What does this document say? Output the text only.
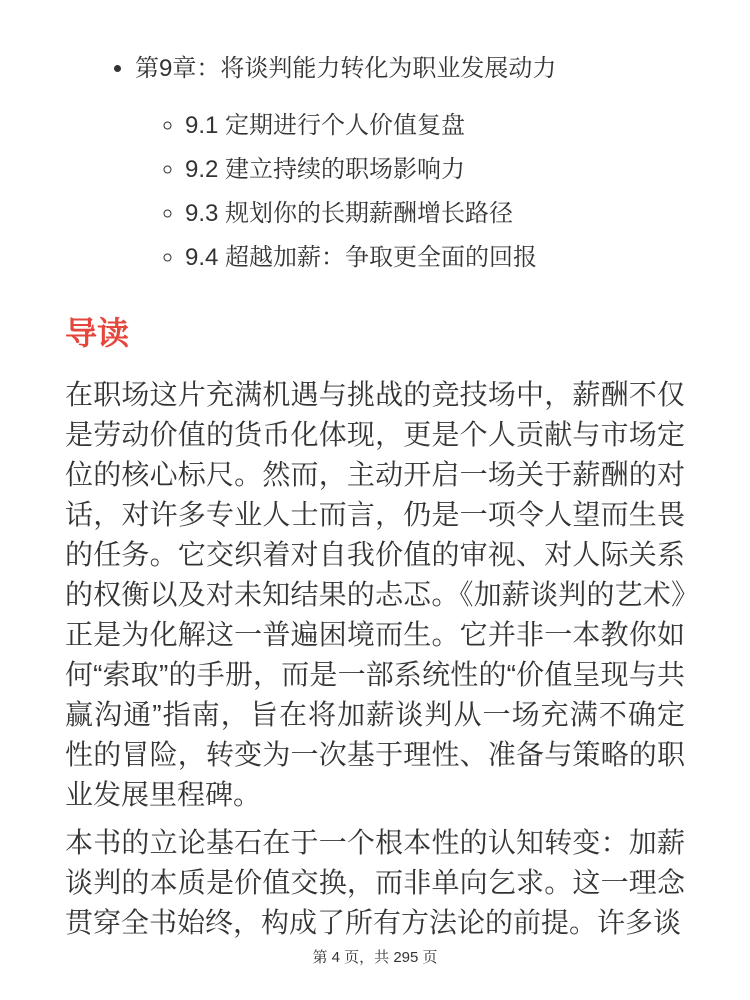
• 第9章：将谈判能力转化为职业发展动力
◦ 9.1 定期进行个人价值复盘
◦ 9.2 建立持续的职场影响力
◦ 9.3 规划你的长期薪酬增长路径
◦ 9.4 超越加薪：争取更全面的回报
导读

在职场这片充满机遇与挑战的竞技场中，薪酬不仅是劳动价值的货币化体现，更是个人贡献与市场定位的核心标尺。然而，主动开启一场关于薪酬的对话，对许多专业人士而言，仍是一项令人望而生畏的任务。它交织着对自我价值的审视、对人际关系的权衡以及对未知结果的忐忑。《加薪谈判的艺术》正是为化解这一普遍困境而生。它并非一本教你如何“索取”的手册，而是一部系统性的“价值呈现与共赢沟通”指南，旨在将加薪谈判从一场充满不确定性的冒险，转变为一次基于理性、准备与策略的职业发展里程碑。

本书的立论基石在于一个根本性的认知转变：加薪谈判的本质是价值交换，而非单向乞求。这一理念贯穿全书始终，构成了所有方法论的前提。许多谈

第 4 页，共 295 页
